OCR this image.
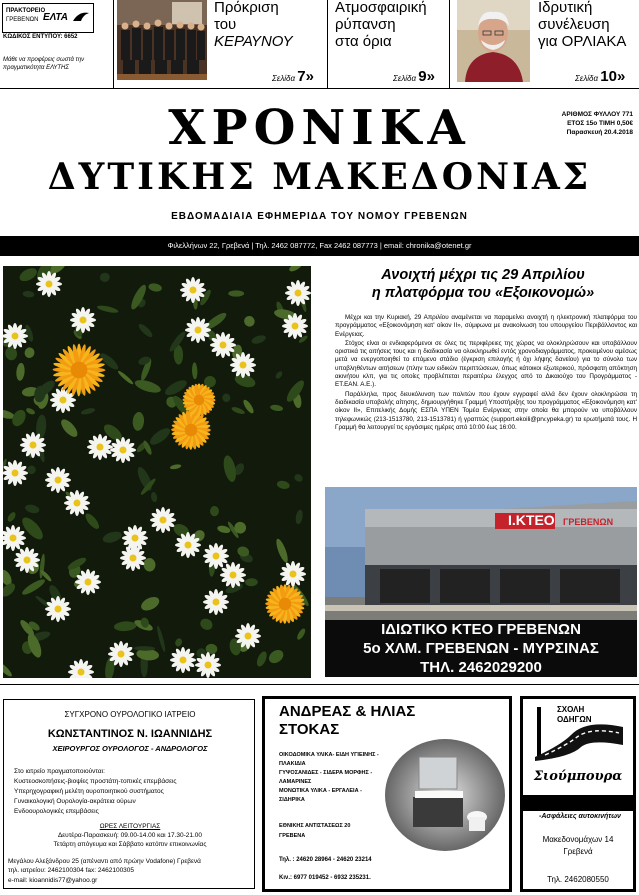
ΠΡΑΚΤΟΡΕΙΟ
ΓΡΕΒΕΝΩΝ ΕΛΤΑ
ΚΩΔΙΚΟΣ ΕΝΤΥΠΟΥ: 6652
Μάθε να προφέρεις σωστά την πραγματικότητα ΕΛΥΤΗΣ
Πρόκριση
του
ΚΕΡΑΥΝΟΥ
Σελίδα 7»
Ατμοσφαιρική
ρύπανση
στα όρια
Σελίδα 9»
Ιδρυτική
συνέλευση
για ΟΡΛΙΑΚΑ
Σελίδα 10»
ΧΡΟΝΙΚΑ
ΔΥΤΙΚΗΣ ΜΑΚΕΔΟΝΙΑΣ
ΕΒΔΟΜΑΔΙΑΙΑ ΕΦΗΜΕΡΙΔΑ ΤΟΥ ΝΟΜΟΥ ΓΡΕΒΕΝΩΝ
ΑΡΙΘΜΟΣ ΦΥΛΛΟΥ 771
ΕΤΟΣ 15ο ΤΙΜΗ 0,50€
Παρασκευή 20.4.2018
Φιλελλήνων 22, Γρεβενά | Τηλ. 2462 087772, Fax 2462 087773 | email: chronika@otenet.gr
Ανοιχτή μέχρι τις 29 Απριλίου
η πλατφόρμα του «Εξοικονομώ»

Μέχρι και την Κυριακή, 29 Απριλίου αναμένεται να παραμείνει ανοιχτή η ηλεκτρονική πλατφόρμα του προγράμματος «Εξοικονόμηση κατ' οίκον ΙΙ», σύμφωνα με ανακοίνωση του υπουργείου Περιβάλλοντος και Ενέργειας.

Στόχος είναι οι ενδιαφερόμενοι σε όλες τις περιφέρειες της χώρας να ολοκληρώσουν και υποβάλλουν οριστικά τις αιτήσεις τους και η διαδικασία να ολοκληρωθεί εντός χρονοδιαγράμματος, προκειμένου αμέσως μετά να ενεργοποιηθεί το επόμενο στάδιο (έγκριση επιλογής ή όχι λήψης δανείου) για το σύνολο των υποβληθέντων αιτήσεων (πλην των ειδικών περιπτώσεων, όπως κάτοικοι εξωτερικού, πρόσφατη απόκτηση ακινήτου κλπ, για τις οποίες προβλέπεται περαιτέρω έλεγχος από το Δικαιούχο του Προγράμματος - ΕΤ.ΕΑΝ. Α.Ε.).

Παράλληλα, προς διευκόλυνση των πολιτών που έχουν εγγραφεί αλλά δεν έχουν ολοκληρώσει τη διαδικασία υποβολής αίτησης, δημιουργήθηκε Γραμμή Υποστήριξης του προγράμματος «Εξοικονόμηση κατ' οίκον ΙΙ», Επιτελικής Δομής ΕΣΠΑ ΥΠΕΝ Τομέα Ενέργειας στην οποία θα μπορούν να υποβάλλουν τηλεφωνικώς (213-1513780, 213-1513781) ή γραπτώς (support.ekoili@prv.ypeka.gr) τα ερωτήματά τους. Η Γραμμή θα λειτουργεί τις εργάσιμες ημέρες από 10:00 έως 16:00.

Ι.ΚΤΕΟ ΓΡΕΒΕΝΩΝ
ΙΔΙΩΤΙΚΟ ΚΤΕΟ ΓΡΕΒΕΝΩΝ
5ο ΧΛΜ. ΓΡΕΒΕΝΩΝ - ΜΥΡΣΙΝΑΣ
ΤΗΛ. 2462029200
ΣΥΓΧΡΟΝΟ ΟΥΡΟΛΟΓΙΚΟ ΙΑΤΡΕΙΟ
ΚΩΝΣΤΑΝΤΙΝΟΣ Ν. ΙΩΑΝΝΙΔΗΣ
ΧΕΙΡΟΥΡΓΟΣ ΟΥΡΟΛΟΓΟΣ - ΑΝΔΡΟΛΟΓΟΣ
Στο ιατρείο πραγματοποιούνται:
Κυστεοσκοπήσεις-βιοψίες προστάτη-τοπικές επεμβάσεις
Υπερηχογραφική μελέτη ουροποιητικού συστήματος
Γυναικολογική Ουρολογία-ακράτεια ούρων
Ενδοουρολογικές επεμβάσεις
ΩΡΕΣ ΛΕΙΤΟΥΡΓΙΑΣ
Δευτέρα-Παρασκευή: 09.00-14.00 και 17.30-21.00
Τετάρτη απόγευμα και Σάββατο κατόπιν επικοινωνίας
Μεγάλου Αλεξάνδρου 25 (απέναντι από πρώην Vodafone) Γρεβενά
τηλ. ιατρείου: 2462100304 fax: 2462100305
e-mail: kioannidis77@yahoo.gr
ΑΝΔΡΕΑΣ & ΗΛΙΑΣ
ΣΤΟΚΑΣ
ΟΙΚΟΔΟΜΙΚΑ ΥΛΙΚΑ- ΕΙΔΗ ΥΓΙΕΙΝΗΣ -
ΠΛΑΚΙΔΙΑ
ΓΥΨΟΣΑΝΙΔΕΣ - ΣΙΔΕΡΑ ΜΟΡΦΗΣ -
ΛΑΜΑΡΙΝΕΣ
ΜΟΝΩΤΙΚΑ ΥΛΙΚΑ - ΕΡΓΑΛΕΙΑ -
ΣΙΔΗΡΙΚΑ
ΕΘΝΙΚΗΣ ΑΝΤΙΣΤΑΣΕΩΣ 20
ΓΡΕΒΕΝΑ
Τηλ. : 24620 28964 - 24620 23214
Κιν.: 6977 019452 - 6932 235231.
ΣΧΟΛΗ
ΟΔΗΓΩΝ
Σιούμπουρα
-Ασφάλειες αυτοκινήτων
Μακεδονομάχων 14
Γρεβενά
Τηλ. 2462080550
